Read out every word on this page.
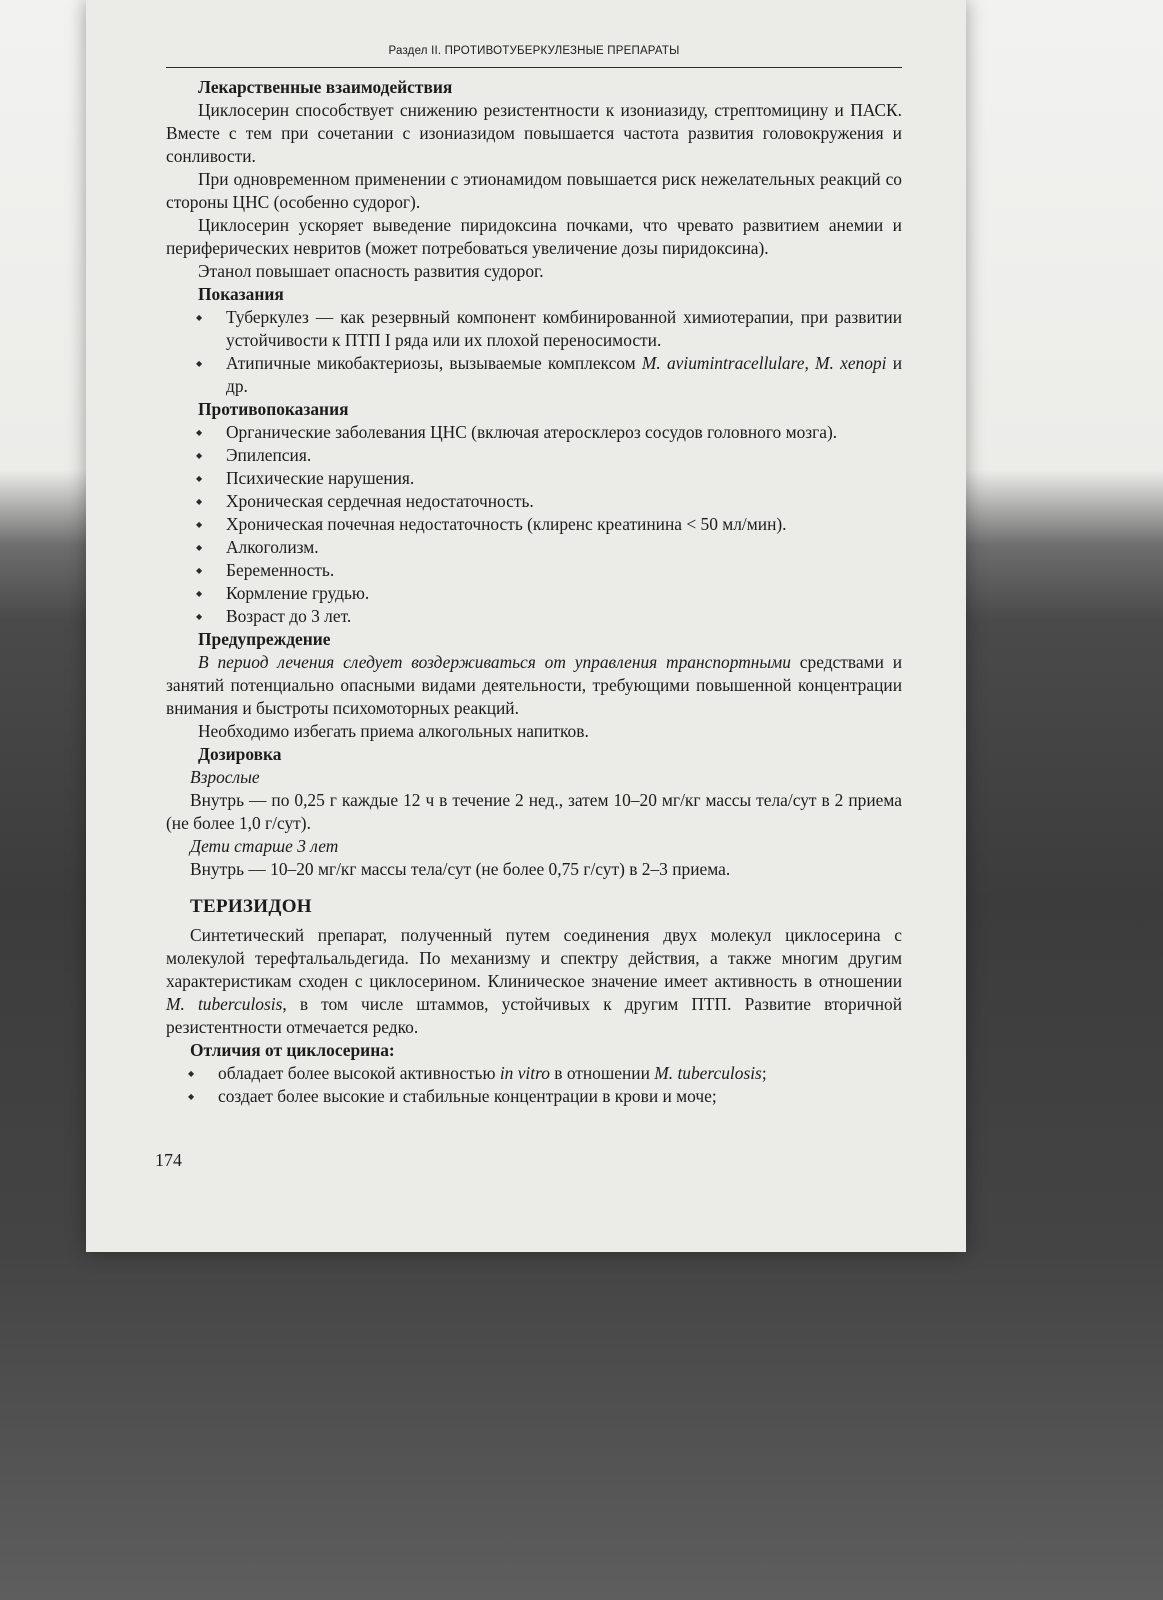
Раздел II. ПРОТИВОТУБЕРКУЛЕЗНЫЕ ПРЕПАРАТЫ
Лекарственные взаимодействия
Циклосерин способствует снижению резистентности к изониазиду, стрептомицину и ПАСК. Вместе с тем при сочетании с изониазидом повышается частота развития головокружения и сонливости.
При одновременном применении с этионамидом повышается риск нежелательных реакций со стороны ЦНС (особенно судорог).
Циклосерин ускоряет выведение пиридоксина почками, что чревато развитием анемии и периферических невритов (может потребоваться увеличение дозы пиридоксина).
Этанол повышает опасность развития судорог.
Показания
◆ Туберкулез — как резервный компонент комбинированной химиотерапии, при развитии устойчивости к ПТП I ряда или их плохой переносимости.
◆ Атипичные микобактериозы, вызываемые комплексом M. aviumintracellulare, M. xenopi и др.
Противопоказания
◆ Органические заболевания ЦНС (включая атеросклероз сосудов головного мозга).
◆ Эпилепсия.
◆ Психические нарушения.
◆ Хроническая сердечная недостаточность.
◆ Хроническая почечная недостаточность (клиренс креатинина < 50 мл/мин).
◆ Алкоголизм.
◆ Беременность.
◆ Кормление грудью.
◆ Возраст до 3 лет.
Предупреждение
В период лечения следует воздерживаться от управления транспортными средствами и занятий потенциально опасными видами деятельности, требующими повышенной концентрации внимания и быстроты психомоторных реакций.
Необходимо избегать приема алкогольных напитков.
Дозировка
Взрослые
Внутрь — по 0,25 г каждые 12 ч в течение 2 нед., затем 10–20 мг/кг массы тела/сут в 2 приема (не более 1,0 г/сут).
Дети старше 3 лет
Внутрь — 10–20 мг/кг массы тела/сут (не более 0,75 г/сут) в 2–3 приема.
ТЕРИЗИДОН
Синтетический препарат, полученный путем соединения двух молекул циклосерина с молекулой терефтальальдегида. По механизму и спектру действия, а также многим другим характеристикам сходен с циклосерином. Клиническое значение имеет активность в отношении M. tuberculosis, в том числе штаммов, устойчивых к другим ПТП. Развитие вторичной резистентности отмечается редко.
Отличия от циклосерина:
◆ обладает более высокой активностью in vitro в отношении M. tuberculosis;
◆ создает более высокие и стабильные концентрации в крови и моче;
174
